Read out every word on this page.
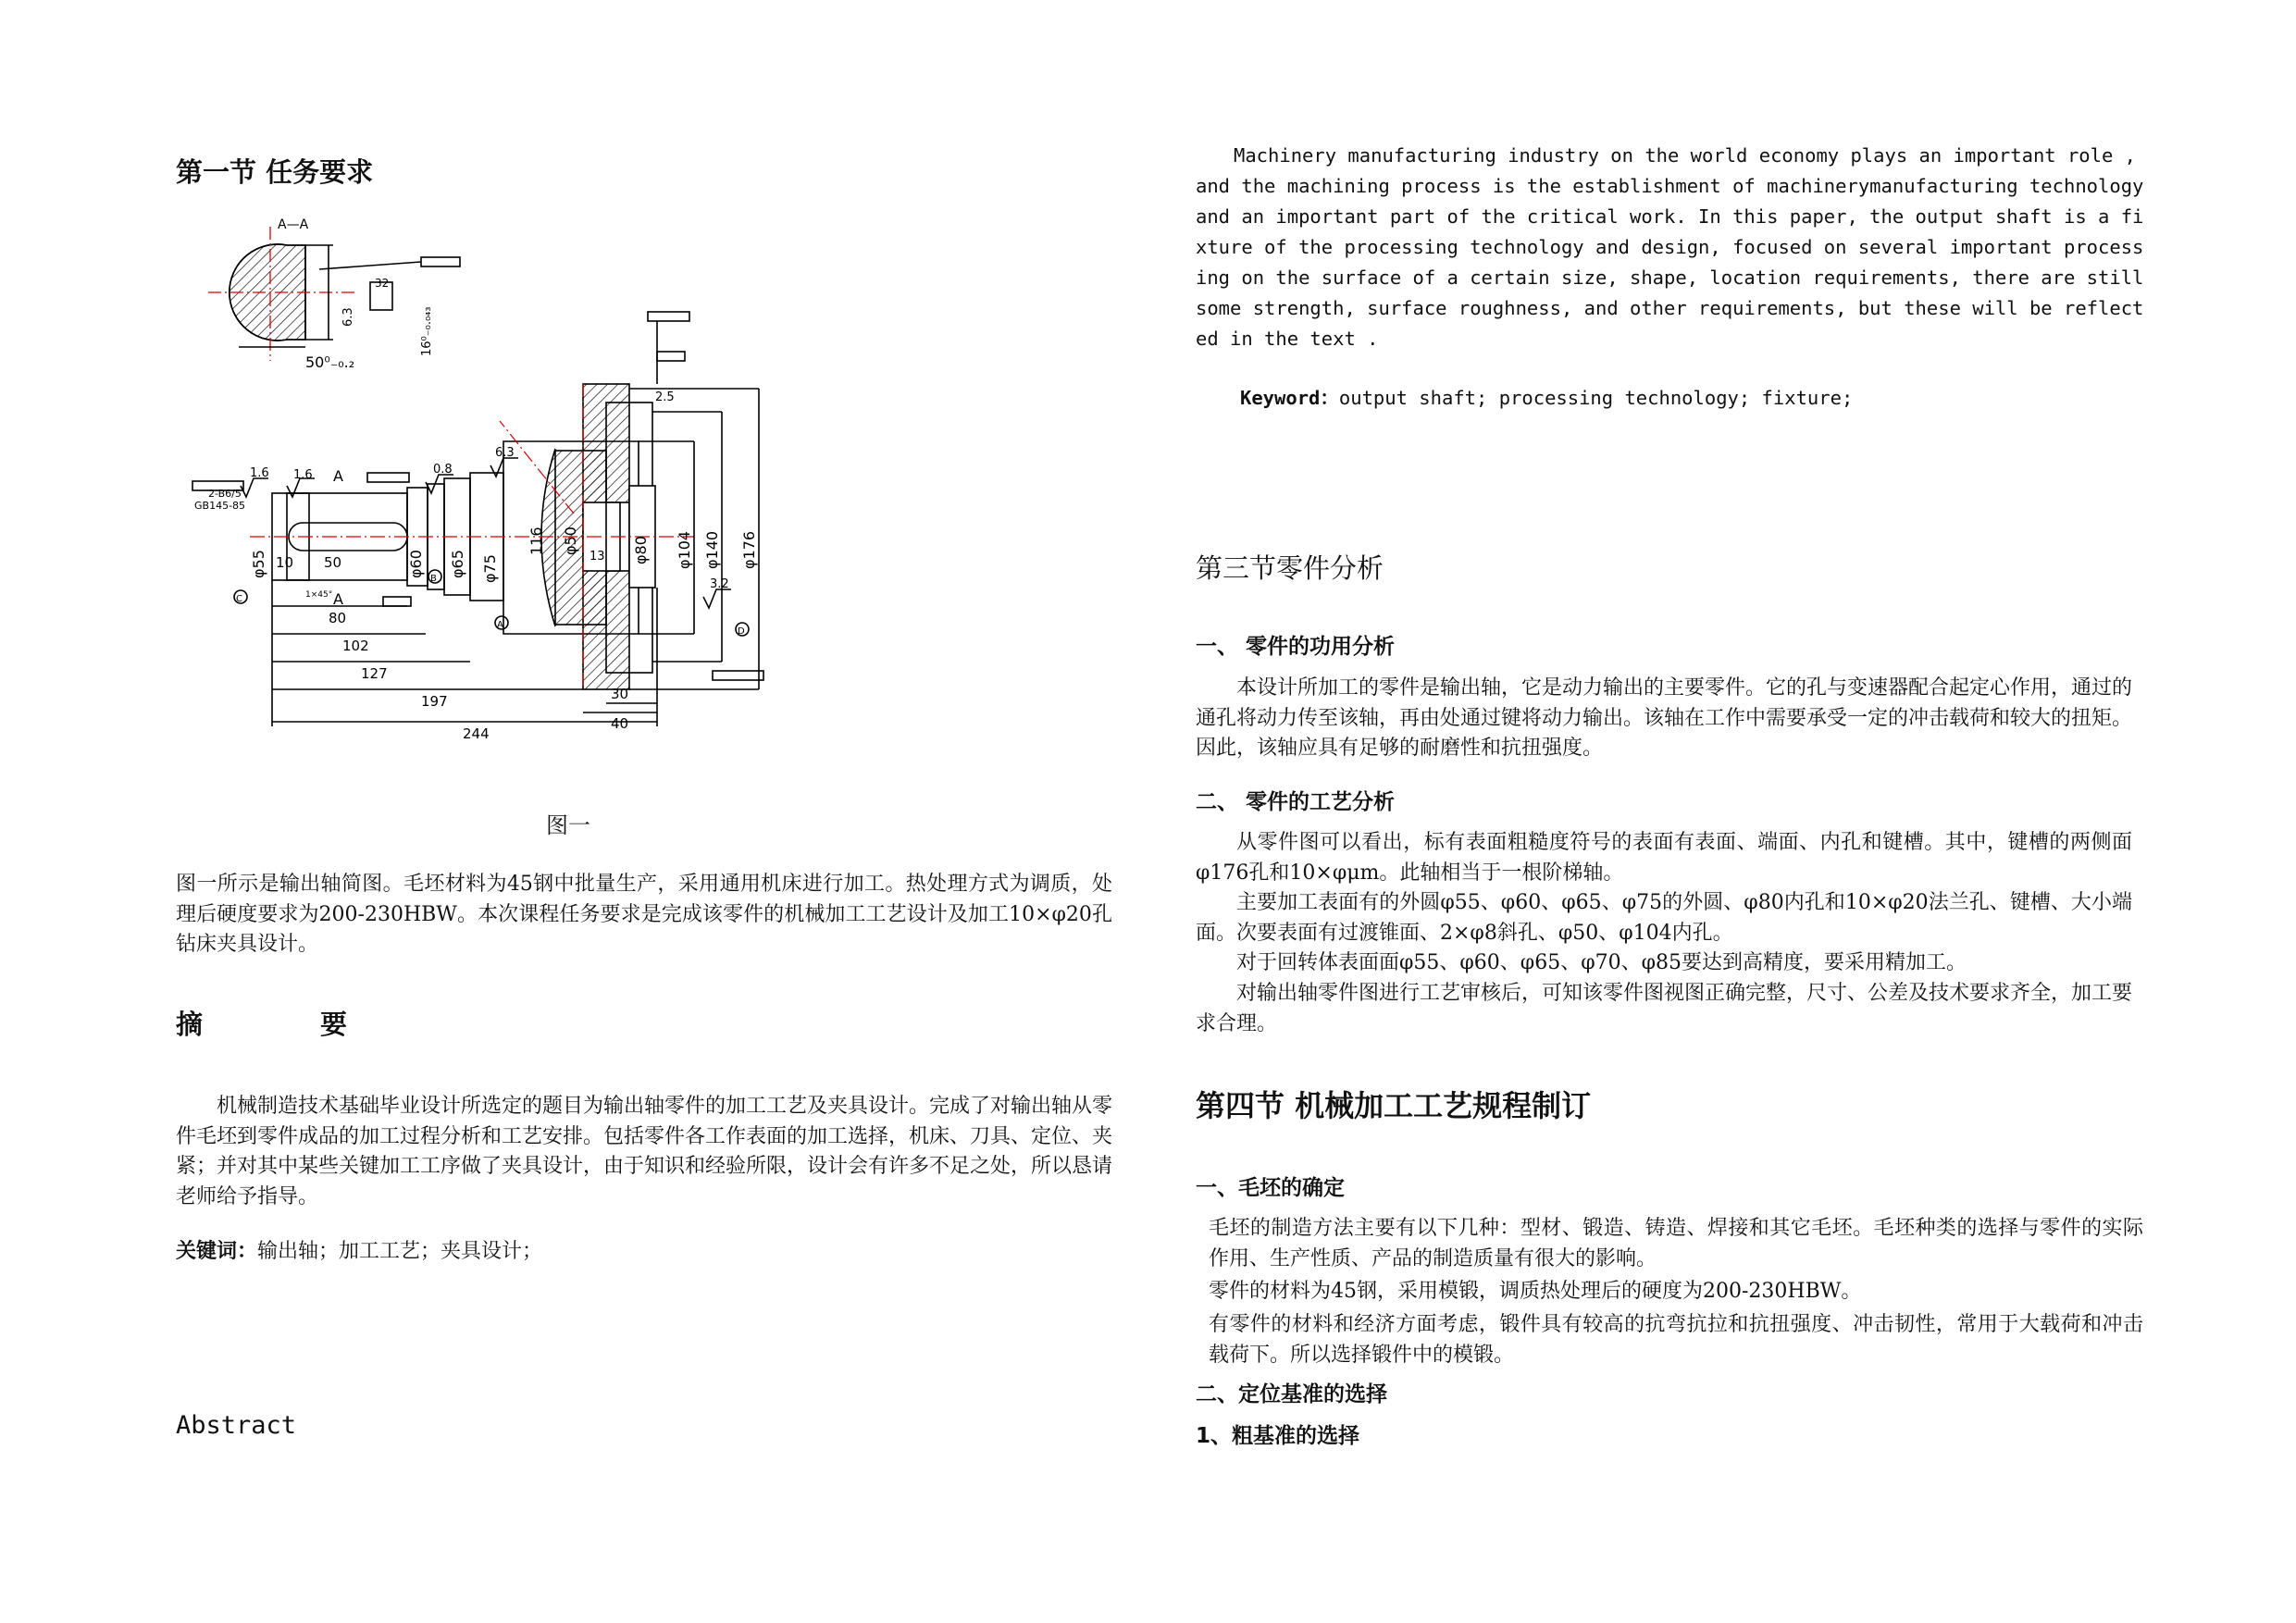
第一节 任务要求
A—A
50⁰₋₀.₂
6.3	16⁰₋₀.₀₄₃
32
2-B6/5
GB145-85
1.6 1.6	0.8
6.3
3.2
A
A
φ55	φ60 φ65 φ75
116 φ50	φ80 φ104 φ140 φ176
10 50
80
102
127
197
244
30
40
13
2.5
C
B
A
D
1×45°
图一

图一所示是输出轴简图。毛坯材料为45钢中批量生产，采用通用机床进行加工。热处理方式为调质，处理后硬度要求为200-230HBW。本次课程任务要求是完成该零件的机械加工工艺设计及加工10×φ20孔钻床夹具设计。

摘	要

机械制造技术基础毕业设计所选定的题目为输出轴零件的加工工艺及夹具设计。完成了对输出轴从零件毛坯到零件成品的加工过程分析和工艺安排。包括零件各工作表面的加工选择，机床、刀具、定位、夹紧；并对其中某些关键加工工序做了夹具设计，由于知识和经验所限，设计会有许多不足之处，所以恳请老师给予指导。

关键词：输出轴；加工工艺；夹具设计；

Abstract

Machinery manufacturing industry on the world economy plays an important role , and the machining process is the establishment of machinerymanufacturing technology and an important part of the critical work. In this paper, the output shaft is a fixture of the processing technology and design, focused on several important processing on the surface of a certain size, shape, location requirements, there are still some strength, surface roughness, and other requirements, but these will be reflected in the text .

Keyword：output shaft; processing technology; fixture;

第三节零件分析
一、 零件的功用分析

本设计所加工的零件是输出轴，它是动力输出的主要零件。它的孔与变速器配合起定心作用，通过的通孔将动力传至该轴，再由处通过键将动力输出。该轴在工作中需要承受一定的冲击载荷和较大的扭矩。因此，该轴应具有足够的耐磨性和抗扭强度。

二、 零件的工艺分析

从零件图可以看出，标有表面粗糙度符号的表面有表面、端面、内孔和键槽。其中，键槽的两侧面φ176孔和10×φμm。此轴相当于一根阶梯轴。

主要加工表面有的外圆φ55、φ60、φ65、φ75的外圆、φ80内孔和10×φ20法兰孔、键槽、大小端面。次要表面有过渡锥面、2×φ8斜孔、φ50、φ104内孔。

对于回转体表面面φ55、φ60、φ65、φ70、φ85要达到高精度，要采用精加工。

对输出轴零件图进行工艺审核后，可知该零件图视图正确完整，尺寸、公差及技术要求齐全，加工要求合理。

第四节 机械加工工艺规程制订
一、毛坯的确定

毛坯的制造方法主要有以下几种：型材、锻造、铸造、焊接和其它毛坯。毛坯种类的选择与零件的实际作用、生产性质、产品的制造质量有很大的影响。

零件的材料为45钢，采用模锻，调质热处理后的硬度为200-230HBW。

有零件的材料和经济方面考虑，锻件具有较高的抗弯抗拉和抗扭强度、冲击韧性，常用于大载荷和冲击载荷下。所以选择锻件中的模锻。

二、定位基准的选择
1、粗基准的选择
